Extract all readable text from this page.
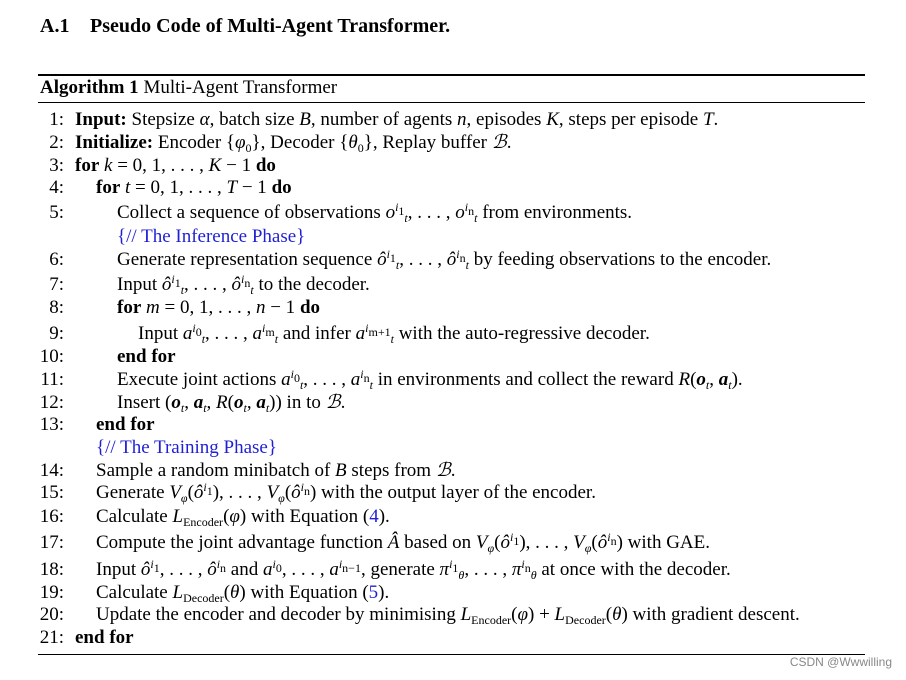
A.1 Pseudo Code of Multi-Agent Transformer.
Algorithm 1 Multi-Agent Transformer
1: Input: Stepsize α, batch size B, number of agents n, episodes K, steps per episode T.
2: Initialize: Encoder $\{\varphi_0\}$, Decoder $\{\theta_0\}$, Replay buffer ℬ.
3: for k = 0, 1, . . . , K − 1 do
4: for t = 0, 1, . . . , T − 1 do
5:	Collect a sequence of observations $o^{i_1}_t$, . . . , $o^{i_n}_t$ from environments.
{// The Inference Phase}
6:	Generate representation sequence $ô^{i_1}_t$, . . . , $ô^{i_n}_t$ by feeding observations to the encoder.
7:	Input $ô^{i_1}_t$, . . . , $ô^{i_n}_t$ to the decoder.
8:	for m = 0, 1, . . . , n − 1 do
9:	Input $a^{i_0}_t$, . . . , $a^{i_m}_t$ and infer $a^{i_{m+1}}_t$ with the auto-regressive decoder.
10:	end for
11:	Execute joint actions $a^{i_0}_t$, . . . , $a^{i_n}_t$ in environments and collect the reward $R(o_t$, $a_t$).
12:	Insert ($o_t$, $a_t$, $R(o_t$, $a_t$)) in to ℬ.
13: end for
{// The Training Phase}
14: Sample a random minibatch of B steps from ℬ.
15: Generate $V_\varphi(ô^{i_1})$, . . . , $V_\varphi(ô^{i_n})$ with the output layer of the encoder.
16: Calculate $L_{Encoder}(\varphi)$ with Equation (4).
17: Compute the joint advantage function Â based on $V_\varphi(ô^{i_1})$, . . . , $V_\varphi(ô^{i_n})$ with GAE.
18: Input $ô^{i_1}$, . . . , $ô^{i_n}$ and $a^{i_0}$, . . . , $a^{i_{n-1}}$, generate $\pi^{i_1}_\theta$, . . . , $\pi^{i_n}_\theta$ at once with the decoder.
19: Calculate $L_{Decoder}(\theta)$ with Equation (5).
20: Update the encoder and decoder by minimising $L_{Encoder}(\varphi) + L_{Decoder}(\theta)$ with gradient descent.
21: end for
CSDN @Wwwilling
